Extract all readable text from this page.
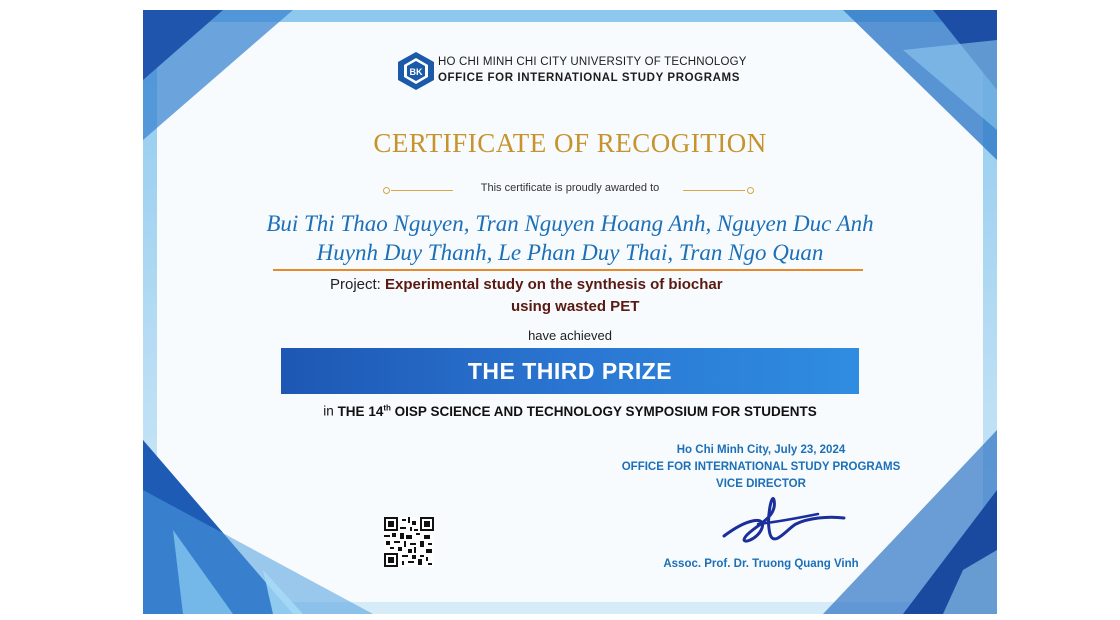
BK
HO CHI MINH CHI CITY UNIVERSITY OF TECHNOLOGY
OFFICE FOR INTERNATIONAL STUDY PROGRAMS
CERTIFICATE OF RECOGITION
This certificate is proudly awarded to
Bui Thi Thao Nguyen, Tran Nguyen Hoang Anh, Nguyen Duc Anh
Huynh Duy Thanh, Le Phan Duy Thai, Tran Ngo Quan
Project: Experimental study on the synthesis of biochar
using wasted PET
have achieved
THE THIRD PRIZE
in THE 14th OISP SCIENCE AND TECHNOLOGY SYMPOSIUM FOR STUDENTS
Ho Chi Minh City, July 23, 2024
OFFICE FOR INTERNATIONAL STUDY PROGRAMS
VICE DIRECTOR
Assoc. Prof. Dr. Truong Quang Vinh
